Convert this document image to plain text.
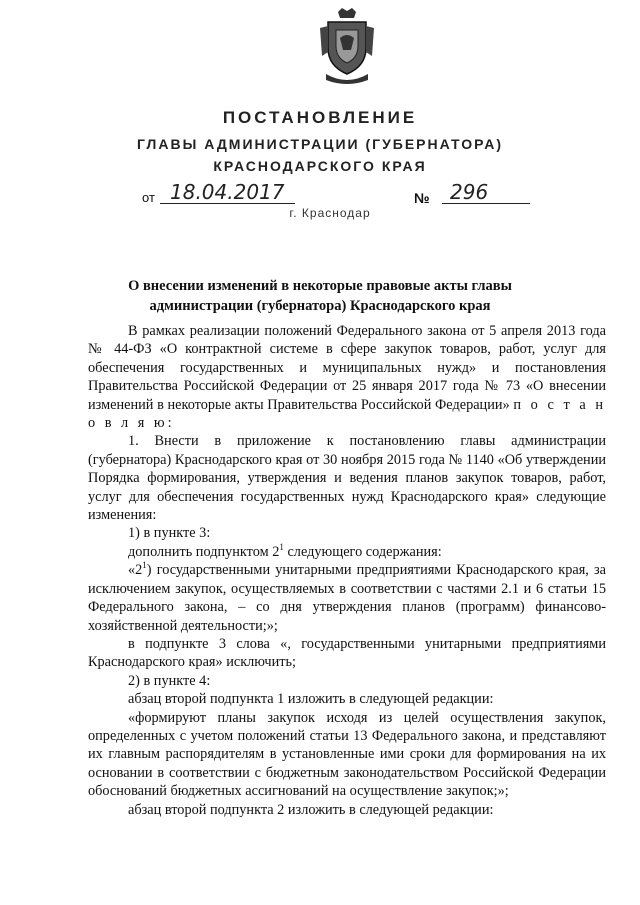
ПОСТАНОВЛЕНИЕ
ГЛАВЫ АДМИНИСТРАЦИИ (ГУБЕРНАТОРА)
КРАСНОДАРСКОГО КРАЯ
от 18.04.2017	№	296
г. Краснодар
О внесении изменений в некоторые правовые акты главы
администрации (губернатора) Краснодарского края

В рамках реализации положений Федерального закона от 5 апреля 2013 года № 44-ФЗ «О контрактной системе в сфере закупок товаров, работ, услуг для обеспечения государственных и муниципальных нужд» и постановления Правительства Российской Федерации от 25 января 2017 года № 73 «О внесении изменений в некоторые акты Правительства Российской Федерации» п о с т а н о в л я ю:

1. Внести в приложение к постановлению главы администрации (губернатора) Краснодарского края от 30 ноября 2015 года № 1140 «Об утверждении Порядка формирования, утверждения и ведения планов закупок товаров, работ, услуг для обеспечения государственных нужд Краснодарского края» следующие изменения:

1) в пункте 3:

дополнить подпунктом $2^1$ следующего содержания:

«$2^1$) государственными унитарными предприятиями Краснодарского края, за исключением закупок, осуществляемых в соответствии с частями 2.1 и 6 статьи 15 Федерального закона, – со дня утверждения планов (программ) финансово-хозяйственной деятельности;»;

в подпункте 3 слова «, государственными унитарными предприятиями Краснодарского края» исключить;

2) в пункте 4:

абзац второй подпункта 1 изложить в следующей редакции:

«формируют планы закупок исходя из целей осуществления закупок, определенных с учетом положений статьи 13 Федерального закона, и представляют их главным распорядителям в установленные ими сроки для формирования на их основании в соответствии с бюджетным законодательством Российской Федерации обоснований бюджетных ассигнований на осуществление закупок;»;

абзац второй подпункта 2 изложить в следующей редакции:
